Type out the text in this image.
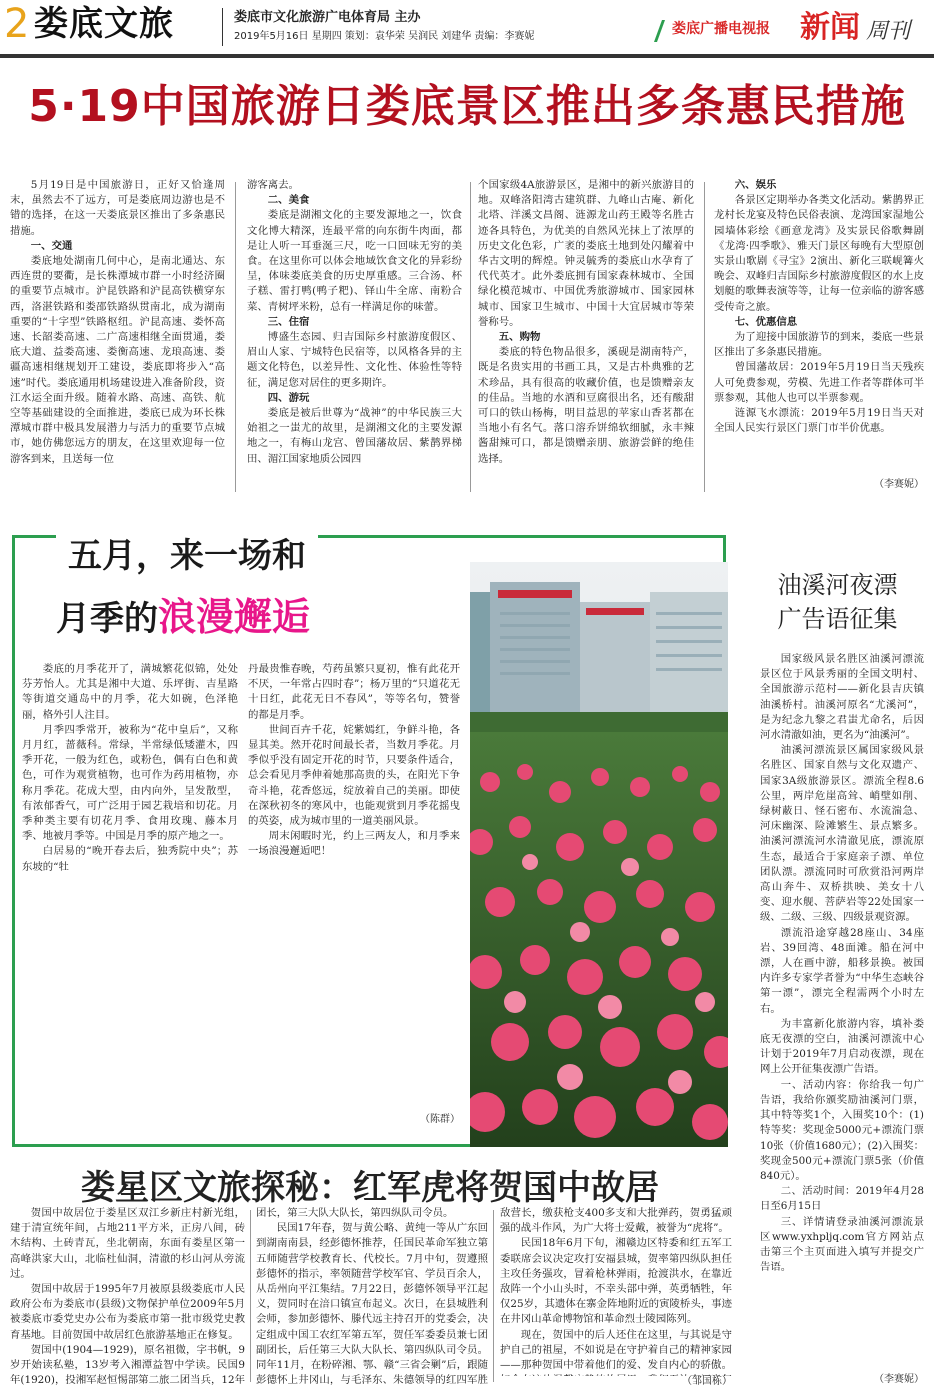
2 娄底文旅	娄底市文化旅游广电体育局 主办
2019年5月16日 星期四 策划：袁华荣 吴润民 刘建华 责编：李赛妮	娄底广播电视报 新闻 周刊
5·19中国旅游日娄底景区推出多条惠民措施

5月19日是中国旅游日，正好又恰逢周末，虽然去不了远方，可是娄底周边游也是不错的选择，在这一天娄底景区推出了多条惠民措施。

一、交通

娄底地处湖南几何中心，是南北通达、东西连贯的要衢，是长株潭城市群一小时经济圈的重要节点城市。沪昆铁路和沪昆高铁横穿东西，洛湛铁路和娄邵铁路纵贯南北，成为湖南重要的“十字型”铁路枢纽。沪昆高速、娄怀高速、长韶娄高速、二广高速相继全面贯通，娄底大道、益娄高速、娄衡高速、龙琅高速、娄疆高速相继规划开工建设，娄底即将步入“高速”时代。娄底通用机场建设进入准备阶段，资江水运全面升级。随着水路、高速、高铁、航空等基础建设的全面推进，娄底已成为环长株潭城市群中极具发展潜力与活力的重要节点城市，她仿佛您远方的朋友，在这里欢迎每一位游客到来，且送每一位

游客离去。

二、美食

娄底是湖湘文化的主要发源地之一，饮食文化博大精深，连最平常的向东街牛肉面，都是让人听一耳垂涎三尺，吃一口回味无穷的美食。在这里你可以体会地域饮食文化的异彩纷呈，体味娄底美食的历史厚重感。三合汤、杯子糕、雷打鸭(鸭子粑)、铎山牛全席、南粉合菜、青树坪米粉，总有一样满足你的味蕾。

三、住宿

博盛生态园、归吉国际乡村旅游度假区、眉山人家、宁城特色民宿等，以风格各异的主题文化特色，以差异性、文化性、体验性等特征，满足您对居住的更多期许。

四、游玩

娄底是被后世尊为“战神”的中华民族三大始祖之一蚩尤的故里，是湖湘文化的主要发源地之一，有梅山龙宫、曾国藩故居、紫鹊界梯田、湄江国家地质公园四

个国家级4A旅游景区，是湘中的新兴旅游目的地。双峰洛阳湾古建筑群、九峰山古庵、新化北塔、洋溪文昌阁、涟源龙山药王殿等名胜古迹各具特色，为优美的自然风光抹上了浓厚的历史文化色彩，广袤的娄底土地到处闪耀着中华古文明的辉煌。钟灵毓秀的娄底山水孕育了代代英才。此外娄底拥有国家森林城市、全国绿化模范城市、中国优秀旅游城市、国家园林城市、国家卫生城市、中国十大宜居城市等荣誉称号。

五、购物

娄底的特色物品很多，溪砚是湖南特产，既是名贵实用的书画工具，又是古朴典雅的艺术珍品，具有很高的收藏价值，也是馈赠亲友的佳品。当地的水酒和豆腐很出名，还有酸甜可口的铁山杨梅，明目益思的苹家山香茗都在当地小有名气。落口溶乔饼绵软细腻，永丰辣酱甜辣可口，都是馈赠亲朋、旅游尝鲜的绝佳选择。

六、娱乐

各景区定期举办各类文化活动。紫鹊界正龙村长龙宴及特色民俗表演、龙湾国家湿地公园墙体彩绘《画意龙湾》及实景民俗歌舞剧《龙湾·四季歌》、雅天门景区每晚有大型原创实景山歌剧《寻宝》2演出、新化三联岘篝火晚会、双峰归吉国际乡村旅游度假区的水上皮划艇的歌舞表演等等，让每一位亲临的游客感受传奇之旅。

七、优惠信息

为了迎接中国旅游节的到来，娄底一些景区推出了多条惠民措施。

曾国藩故居：2019年5月19日当天残疾人可免费参观，劳模、先进工作者等群体可半票参观，其他人也可以半票参观。

涟源飞水漂流：2019年5月19日当天对全国人民实行景区门票门市半价优惠。

（李赛妮）
五月，来一场和
月季的浪漫邂逅

娄底的月季花开了，满城繁花似锦，处处芬芳怡人。尤其是湘中大道、乐坪街、吉星路等街道交通岛中的月季，花大如碗，色泽艳丽，格外引人注目。

月季四季常开，被称为“花中皇后”，又称月月红，蔷薇科。常绿，半常绿低矮灌木，四季开花，一般为红色，或粉色，偶有白色和黄色，可作为观赏植物，也可作为药用植物，亦称月季花。花成大型，由内向外，呈发散型，有浓郁香气，可广泛用于园艺栽培和切花。月季种类主要有切花月季、食用玫瑰、藤本月季、地被月季等。中国是月季的原产地之一。

白居易的“晚开春去后，独秀院中央”；苏东坡的“牡

丹最贵惟春晚，芍药虽繁只夏初，惟有此花开不厌，一年常占四时春”；杨万里的“只道花无十日红，此花无日不春风”，等等名句，赞誉的都是月季。

世间百卉千花，姹紫嫣红，争鲜斗艳，各显其美。然开花时间最长者，当数月季花。月季似乎没有固定开花的时节，只要条件适合，总会看见月季伸着她那高贵的头，在阳光下争奇斗艳，花香悠远，绽放着自己的美丽。即使在深秋初冬的寒风中，也能观赏到月季花摇曳的英姿，成为城市里的一道美丽风景。

周末闲暇时光，约上三两友人，和月季来一场浪漫邂逅吧！

（陈群）
油溪河夜漂
广告语征集

国家级风景名胜区油溪河漂流景区位于风景秀丽的全国文明村、全国旅游示范村——新化县吉庆镇油溪桥村。油溪河原名“尤溪河”，是为纪念九黎之君蚩尤命名，后因河水清澈如油，更名为“油溪河”。

油溪河漂流景区属国家级风景名胜区、国家自然与文化双遗产、国家3A级旅游景区。漂流全程8.6公里，两岸危崖高耸、峭壁如削、绿树蔽日、怪石密布、水流湍急、河床幽深、险滩繁生、景点繁多。油溪河漂流河水清澈见底，漂流原生态，最适合于家庭亲子漂、单位团队漂。漂流同时可欣赏沿河两岸高山奔牛、双桥拱映、美女十八变、迎水舰、菩萨岩等22处国家一级、二级、三级、四级景观资源。

漂流沿途穿越28座山、34座岩、39回湾、48面滩。船在河中漂，人在画中游，船移景换。被国内许多专家学者誉为“中华生态峡谷第一漂”，漂完全程需两个小时左右。

为丰富新化旅游内容，填补娄底无夜漂的空白，油溪河漂流中心计划于2019年7月启动夜漂，现在网上公开征集夜漂广告语。

一、活动内容：你给我一句广告语，我给你颁奖励油溪河门票，其中特等奖1个，入围奖10个：(1)特等奖：奖现金5000元+漂流门票10张（价值1680元）；(2)入围奖：奖现金500元+漂流门票5张（价值840元）。

二、活动时间：2019年4月28日至6月15日

三、详情请登录油溪河漂流景区www.yxhpljq.com官方网站点击第三个主页面进入填写并提交广告语。

（李赛妮）
娄星区文旅探秘：红军虎将贺国中故居

贺国中故居位于娄星区双江乡新庄村新光组，建于清宣统年间，占地211平方米，正房八间，砖木结构、土砖青瓦，坐北朝南，东面有娄星区第一高峰洪家大山，北临杜仙洞，清澈的杉山河从旁流过。

贺国中故居于1995年7月被原县级娄底市人民政府公布为娄底市(县级)文物保护单位2009年5月被娄底市委党史办公布为娄底市第一批市级党史教育基地。目前贺国中故居红色旅游基地正在修复。

贺国中(1904—1929)，原名祖微，字书帆，9岁开始读私塾，13岁考入湘潭益智中学读。民国9年(1920)，投湘军赵恒惕部第二旅二团当兵，12年

团长，第三大队大队长，第四纵队司令员。

民国17年春，贺与黄公略、黄纯一等从广东回到湖南南县，经彭德怀推荐，任国民革命军独立第五师随营学校教育长、代校长。7月中旬，贺遵照彭德怀的指示，率领随营学校军官、学员百余人，从岳州向平江集结。7月22日，彭德怀领导平江起义，贺同时在涪口镇宣布起义。次日，在县城胜利会师，参加彭德怀、滕代远主持召开的党委会，决定组成中国工农红军第五军，贺任军委委员兼七团副团长，后任第三大队大队长、第四纵队司令员。同年11月，在粉碎湘、鄂、赣“三省会剿”后，跟随彭德怀上井冈山，与毛泽东、朱德领导的红四军胜

敌营长，缴获枪支400多支和大批弹药，贺勇猛顽强的战斗作风，为广大将士爱戴，被誉为“虎将”。

民国18年6月下旬，湘赣边区特委和红五军工委联席会议决定攻打安福县城，贺率第四纵队担任主攻任务强攻，冒着枪林弹雨，抢渡洪水，在靠近敌阵一个小山头时，不幸头部中弹，英勇牺牲，年仅25岁，其遗体在寨金阵地附近的寅陵桥头，事迹在井冈山革命博物馆和革命烈士陵园陈列。

现在，贺国中的后人还住在这里，与其说是守护自己的祖屋，不如说是在守护着自己的精神家园——那种贺国中带着他们的爱、发自内心的骄傲。

（邹国栋）
